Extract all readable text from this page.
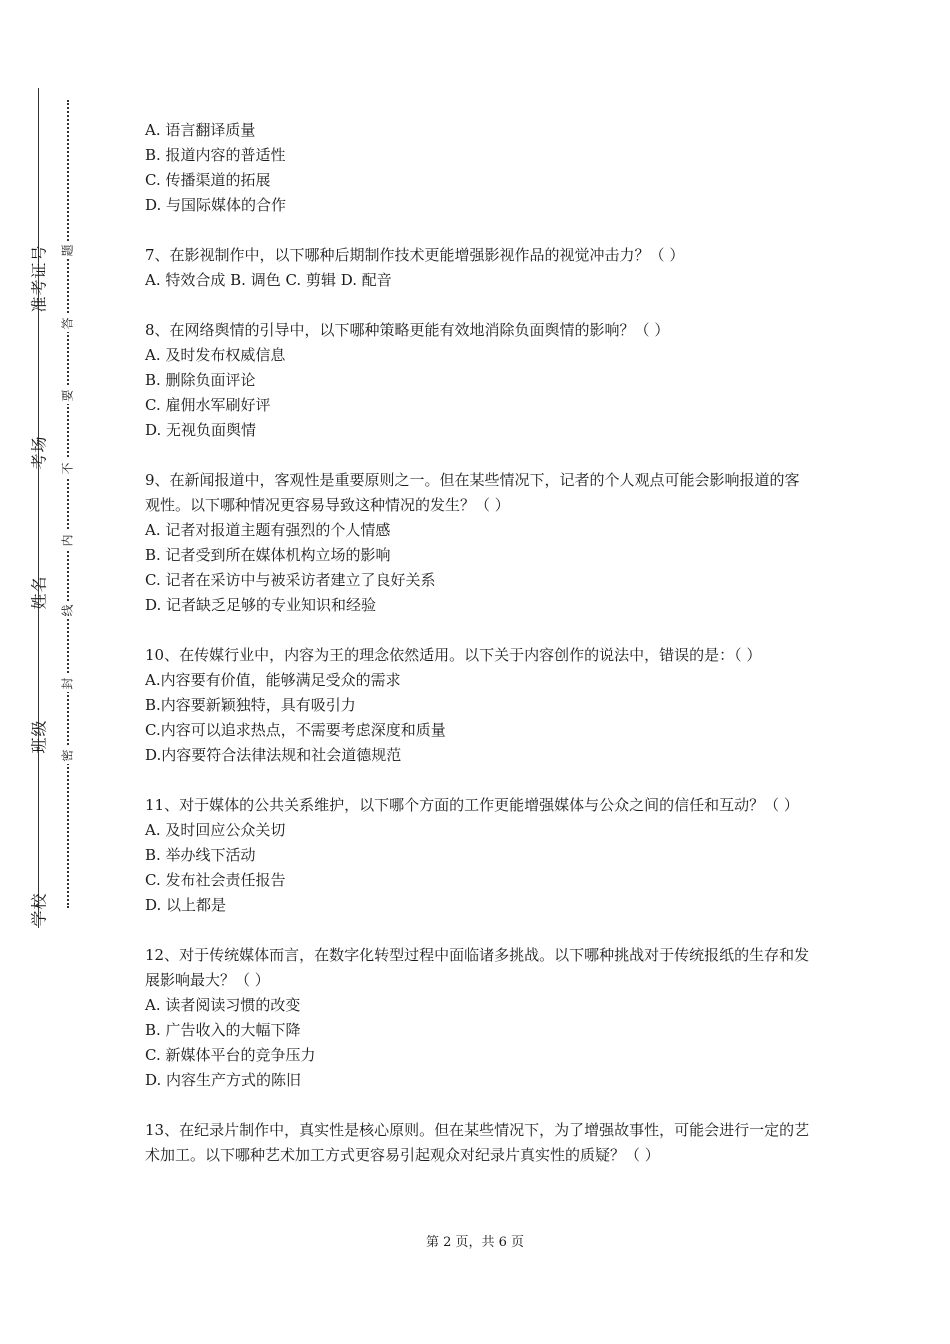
准考证号
考场
姓名
班级
学校
题
答
要
不
内
线
封
密
A. 语言翻译质量
B. 报道内容的普适性
C. 传播渠道的拓展
D. 与国际媒体的合作
7、在影视制作中，以下哪种后期制作技术更能增强影视作品的视觉冲击力？（ ）
A. 特效合成 B. 调色 C. 剪辑 D. 配音
8、在网络舆情的引导中，以下哪种策略更能有效地消除负面舆情的影响？（ ）
A. 及时发布权威信息
B. 删除负面评论
C. 雇佣水军刷好评
D. 无视负面舆情
9、在新闻报道中，客观性是重要原则之一。但在某些情况下，记者的个人观点可能会影响报道的客观性。以下哪种情况更容易导致这种情况的发生？（ ）
A. 记者对报道主题有强烈的个人情感
B. 记者受到所在媒体机构立场的影响
C. 记者在采访中与被采访者建立了良好关系
D. 记者缺乏足够的专业知识和经验
10、在传媒行业中，内容为王的理念依然适用。以下关于内容创作的说法中，错误的是：（ ）
A.内容要有价值，能够满足受众的需求
B.内容要新颖独特，具有吸引力
C.内容可以追求热点，不需要考虑深度和质量
D.内容要符合法律法规和社会道德规范
11、对于媒体的公共关系维护，以下哪个方面的工作更能增强媒体与公众之间的信任和互动？（ ）
A. 及时回应公众关切
B. 举办线下活动
C. 发布社会责任报告
D. 以上都是
12、对于传统媒体而言，在数字化转型过程中面临诸多挑战。以下哪种挑战对于传统报纸的生存和发展影响最大？（ ）
A. 读者阅读习惯的改变
B. 广告收入的大幅下降
C. 新媒体平台的竞争压力
D. 内容生产方式的陈旧
13、在纪录片制作中，真实性是核心原则。但在某些情况下，为了增强故事性，可能会进行一定的艺术加工。以下哪种艺术加工方式更容易引起观众对纪录片真实性的质疑？（ ）
第 2 页，共 6 页
